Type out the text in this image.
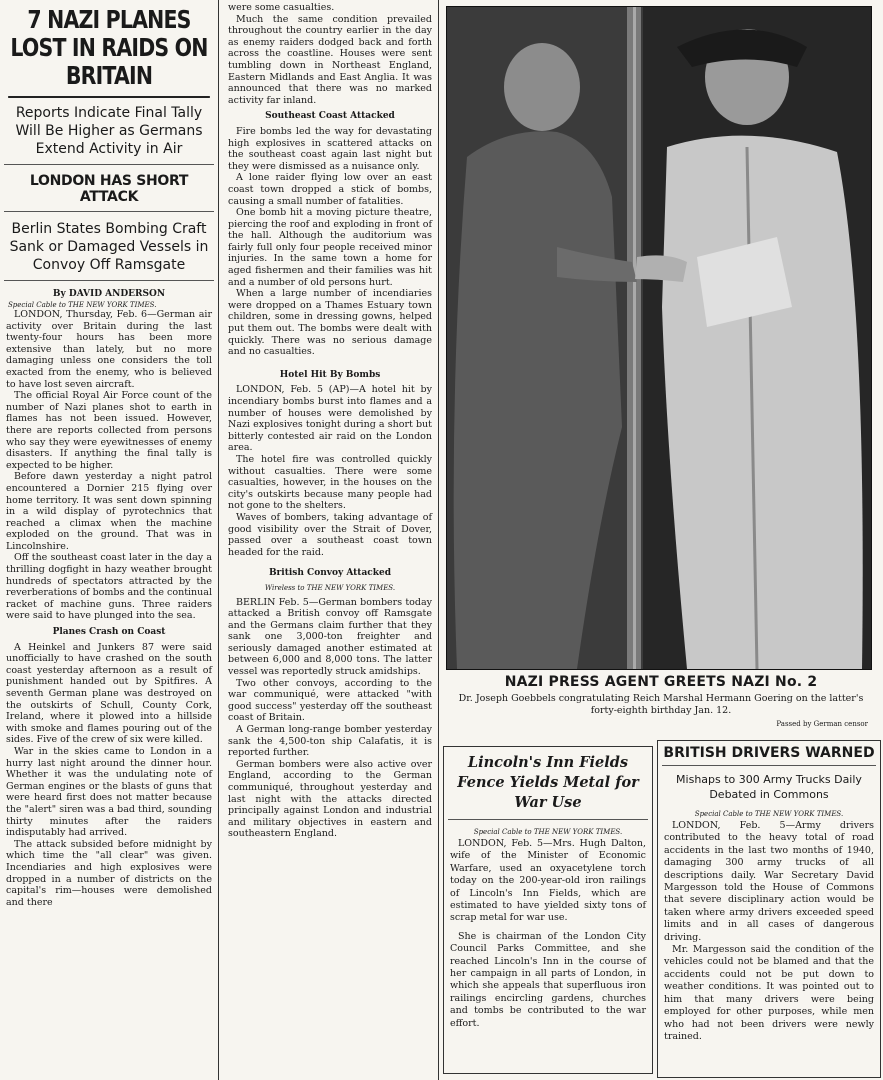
7 NAZI PLANES LOST IN RAIDS ON BRITAIN
Reports Indicate Final Tally Will Be Higher as Germans Extend Activity in Air
LONDON HAS SHORT ATTACK
Berlin States Bombing Craft Sank or Damaged Vessels in Convoy Off Ramsgate
By DAVID ANDERSON
Special Cable to THE NEW YORK TIMES.

LONDON, Thursday, Feb. 6—German air activity over Britain during the last twenty-four hours has been more extensive than lately, but no more damaging unless one considers the toll exacted from the enemy, who is believed to have lost seven aircraft.

The official Royal Air Force count of the number of Nazi planes shot to earth in flames has not been issued. However, there are reports collected from persons who say they were eyewitnesses of enemy disasters. If anything the final tally is expected to be higher.

Before dawn yesterday a night patrol encountered a Dornier 215 flying over home territory. It was sent down spinning in a wild display of pyrotechnics that reached a climax when the machine exploded on the ground. That was in Lincolnshire.

Off the southeast coast later in the day a thrilling dogfight in hazy weather brought hundreds of spectators attracted by the reverberations of bombs and the continual racket of machine guns. Three raiders were said to have plunged into the sea.

Planes Crash on Coast

A Heinkel and Junkers 87 were said unofficially to have crashed on the south coast yesterday afternoon as a result of punishment handed out by Spitfires. A seventh German plane was destroyed on the outskirts of Schull, County Cork, Ireland, where it plowed into a hillside with smoke and flames pouring out of the sides. Five of the crew of six were killed.

War in the skies came to London in a hurry last night around the dinner hour. Whether it was the undulating note of German engines or the blasts of guns that were heard first does not matter because the "alert" siren was a bad third, sounding thirty minutes after the raiders indisputably had arrived.

The attack subsided before midnight by which time the "all clear" was given. Incendiaries and high explosives were dropped in a number of districts on the capital's rim—houses were demolished and there

were some casualties.

Much the same condition prevailed throughout the country earlier in the day as enemy raiders dodged back and forth across the coastline. Houses were sent tumbling down in Northeast England, Eastern Midlands and East Anglia. It was announced that there was no marked activity far inland.

Southeast Coast Attacked

Fire bombs led the way for devastating high explosives in scattered attacks on the southeast coast again last night but they were dismissed as a nuisance only.

A lone raider flying low over an east coast town dropped a stick of bombs, causing a small number of fatalities.

One bomb hit a moving picture theatre, piercing the roof and exploding in front of the hall. Although the auditorium was fairly full only four people received minor injuries. In the same town a home for aged fishermen and their families was hit and a number of old persons hurt.

When a large number of incendiaries were dropped on a Thames Estuary town children, some in dressing gowns, helped put them out. The bombs were dealt with quickly. There was no serious damage and no casualties.

Hotel Hit By Bombs

LONDON, Feb. 5 (AP)—A hotel hit by incendiary bombs burst into flames and a number of houses were demolished by Nazi explosives tonight during a short but bitterly contested air raid on the London area.

The hotel fire was controlled quickly without casualties. There were some casualties, however, in the houses on the city's outskirts because many people had not gone to the shelters.

Waves of bombers, taking advantage of good visibility over the Strait of Dover, passed over a southeast coast town headed for the raid.

British Convoy Attacked
Wireless to THE NEW YORK TIMES.

BERLIN Feb. 5—German bombers today attacked a British convoy off Ramsgate and the Germans claim further that they sank one 3,000-ton freighter and seriously damaged another estimated at between 6,000 and 8,000 tons. The latter vessel was reportedly struck amidships.

Two other convoys, according to the war communiqué, were attacked "with good success" yesterday off the southeast coast of Britain.

A German long-range bomber yesterday sank the 4,500-ton ship Calafatis, it is reported further.

German bombers were also active over England, according to the German communiqué, throughout yesterday and last night with the attacks directed principally against London and industrial and military objectives in eastern and southeastern England.

NAZI PRESS AGENT GREETS NAZI No. 2
Dr. Joseph Goebbels congratulating Reich Marshal Hermann Goering on the latter's forty-eighth birthday Jan. 12.
Passed by German censor
Lincoln's Inn Fields Fence Yields Metal for War Use
Special Cable to THE NEW YORK TIMES.

LONDON, Feb. 5—Mrs. Hugh Dalton, wife of the Minister of Economic Warfare, used an oxyacetylene torch today on the 200-year-old iron railings of Lincoln's Inn Fields, which are estimated to have yielded sixty tons of scrap metal for war use.

She is chairman of the London City Council Parks Committee, and she reached Lincoln's Inn in the course of her campaign in all parts of London, in which she appeals that superfluous iron railings encircling gardens, churches and tombs be contributed to the war effort.

BRITISH DRIVERS WARNED
Mishaps to 300 Army Trucks Daily Debated in Commons
Special Cable to THE NEW YORK TIMES.

LONDON, Feb. 5—Army drivers contributed to the heavy total of road accidents in the last two months of 1940, damaging 300 army trucks of all descriptions daily. War Secretary David Margesson told the House of Commons that severe disciplinary action would be taken where army drivers exceeded speed limits and in all cases of dangerous driving.

Mr. Margesson said the condition of the vehicles could not be blamed and that the accidents could not be put down to weather conditions. It was pointed out to him that many drivers were being employed for other purposes, while men who had not been drivers were newly trained.
